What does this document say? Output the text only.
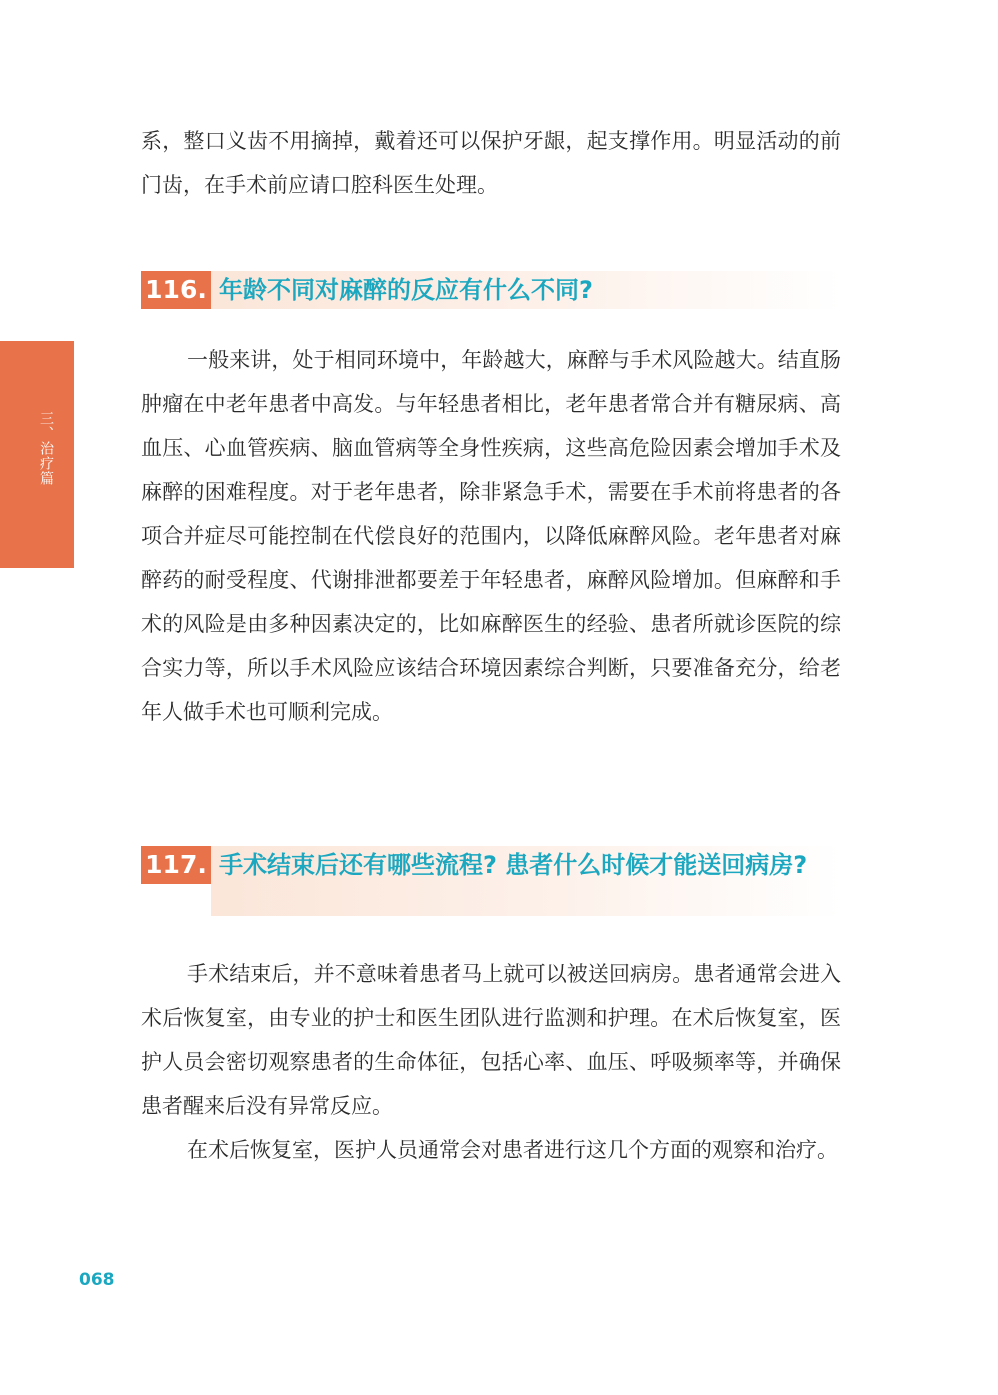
三、治疗篇

系，整口义齿不用摘掉，戴着还可以保护牙龈，起支撑作用。明显活动的前门齿，在手术前应请口腔科医生处理。

116. 年龄不同对麻醉的反应有什么不同?

一般来讲，处于相同环境中，年龄越大，麻醉与手术风险越大。结直肠肿瘤在中老年患者中高发。与年轻患者相比，老年患者常合并有糖尿病、高血压、心血管疾病、脑血管病等全身性疾病，这些高危险因素会增加手术及麻醉的困难程度。对于老年患者，除非紧急手术，需要在手术前将患者的各项合并症尽可能控制在代偿良好的范围内，以降低麻醉风险。老年患者对麻醉药的耐受程度、代谢排泄都要差于年轻患者，麻醉风险增加。但麻醉和手术的风险是由多种因素决定的，比如麻醉医生的经验、患者所就诊医院的综合实力等，所以手术风险应该结合环境因素综合判断，只要准备充分，给老年人做手术也可顺利完成。

117. 手术结束后还有哪些流程? 患者什么时候才能送回病房?

手术结束后，并不意味着患者马上就可以被送回病房。患者通常会进入术后恢复室，由专业的护士和医生团队进行监测和护理。在术后恢复室，医护人员会密切观察患者的生命体征，包括心率、血压、呼吸频率等，并确保患者醒来后没有异常反应。

在术后恢复室，医护人员通常会对患者进行这几个方面的观察和治疗。

068
